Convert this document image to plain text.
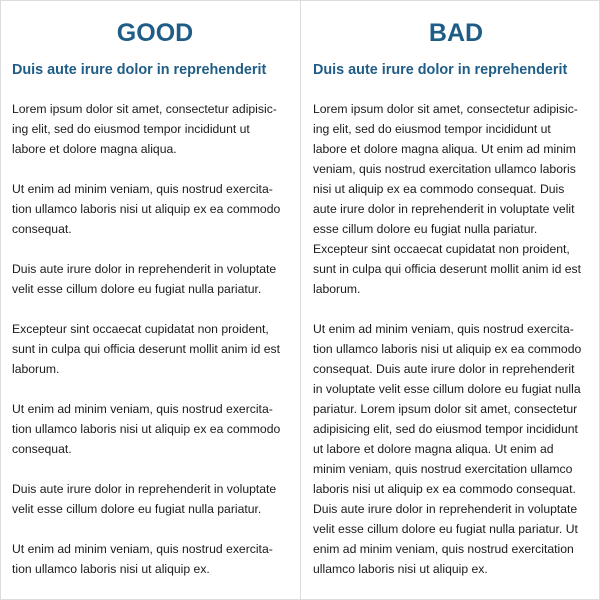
GOOD
Duis aute irure dolor in reprehenderit

Lorem ipsum dolor sit amet, consectetur adipisic-
ing elit, sed do eiusmod tempor incididunt ut
labore et dolore magna aliqua.

Ut enim ad minim veniam, quis nostrud exercita-
tion ullamco laboris nisi ut aliquip ex ea commodo
consequat.

Duis aute irure dolor in reprehenderit in voluptate
velit esse cillum dolore eu fugiat nulla pariatur.

Excepteur sint occaecat cupidatat non proident,
sunt in culpa qui officia deserunt mollit anim id est
laborum.

Ut enim ad minim veniam, quis nostrud exercita-
tion ullamco laboris nisi ut aliquip ex ea commodo
consequat.

Duis aute irure dolor in reprehenderit in voluptate
velit esse cillum dolore eu fugiat nulla pariatur.

Ut enim ad minim veniam, quis nostrud exercita-
tion ullamco laboris nisi ut aliquip ex.

BAD
Duis aute irure dolor in reprehenderit

Lorem ipsum dolor sit amet, consectetur adipisic-
ing elit, sed do eiusmod tempor incididunt ut
labore et dolore magna aliqua. Ut enim ad minim
veniam, quis nostrud exercitation ullamco laboris
nisi ut aliquip ex ea commodo consequat. Duis
aute irure dolor in reprehenderit in voluptate velit
esse cillum dolore eu fugiat nulla pariatur.
Excepteur sint occaecat cupidatat non proident,
sunt in culpa qui officia deserunt mollit anim id est
laborum.

Ut enim ad minim veniam, quis nostrud exercita-
tion ullamco laboris nisi ut aliquip ex ea commodo
consequat. Duis aute irure dolor in reprehenderit
in voluptate velit esse cillum dolore eu fugiat nulla
pariatur. Lorem ipsum dolor sit amet, consectetur
adipisicing elit, sed do eiusmod tempor incididunt
ut labore et dolore magna aliqua. Ut enim ad
minim veniam, quis nostrud exercitation ullamco
laboris nisi ut aliquip ex ea commodo consequat.
Duis aute irure dolor in reprehenderit in voluptate
velit esse cillum dolore eu fugiat nulla pariatur. Ut
enim ad minim veniam, quis nostrud exercitation
ullamco laboris nisi ut aliquip ex.
